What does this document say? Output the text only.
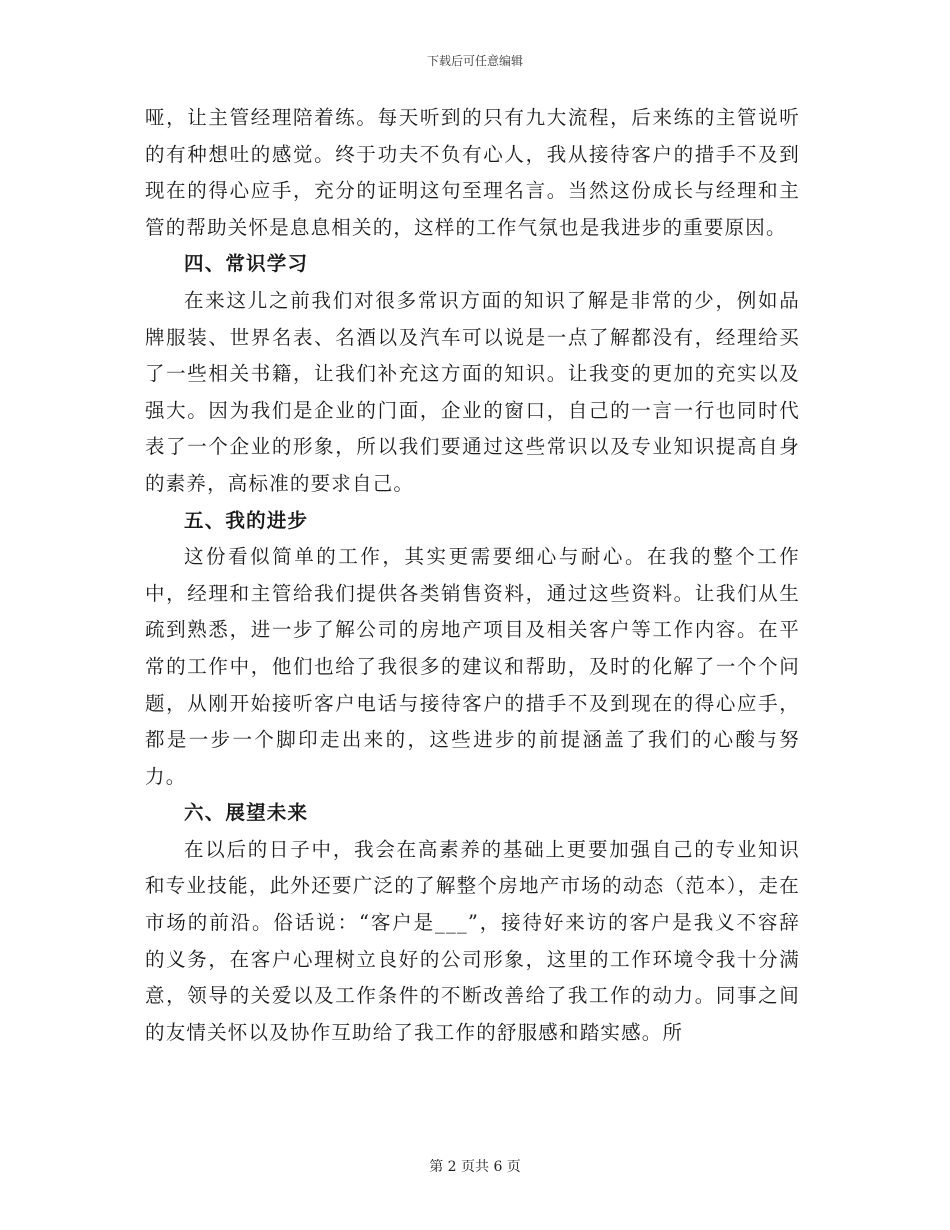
下载后可任意编辑

哑，让主管经理陪着练。每天听到的只有九大流程，后来练的主管说听的有种想吐的感觉。终于功夫不负有心人，我从接待客户的措手不及到现在的得心应手，充分的证明这句至理名言。当然这份成长与经理和主管的帮助关怀是息息相关的，这样的工作气氛也是我进步的重要原因。

四、常识学习

在来这儿之前我们对很多常识方面的知识了解是非常的少，例如品牌服装、世界名表、名酒以及汽车可以说是一点了解都没有，经理给买了一些相关书籍，让我们补充这方面的知识。让我变的更加的充实以及强大。因为我们是企业的门面，企业的窗口，自己的一言一行也同时代表了一个企业的形象，所以我们要通过这些常识以及专业知识提高自身的素养，高标准的要求自己。

五、我的进步

这份看似简单的工作，其实更需要细心与耐心。在我的整个工作中，经理和主管给我们提供各类销售资料，通过这些资料。让我们从生疏到熟悉，进一步了解公司的房地产项目及相关客户等工作内容。在平常的工作中，他们也给了我很多的建议和帮助，及时的化解了一个个问题，从刚开始接听客户电话与接待客户的措手不及到现在的得心应手，都是一步一个脚印走出来的，这些进步的前提涵盖了我们的心酸与努力。

六、展望未来

在以后的日子中，我会在高素养的基础上更要加强自己的专业知识和专业技能，此外还要广泛的了解整个房地产市场的动态（范本），走在市场的前沿。俗话说：“客户是___”，接待好来访的客户是我义不容辞的义务，在客户心理树立良好的公司形象，这里的工作环境令我十分满意，领导的关爱以及工作条件的不断改善给了我工作的动力。同事之间的友情关怀以及协作互助给了我工作的舒服感和踏实感。所

第 2 页共 6 页
